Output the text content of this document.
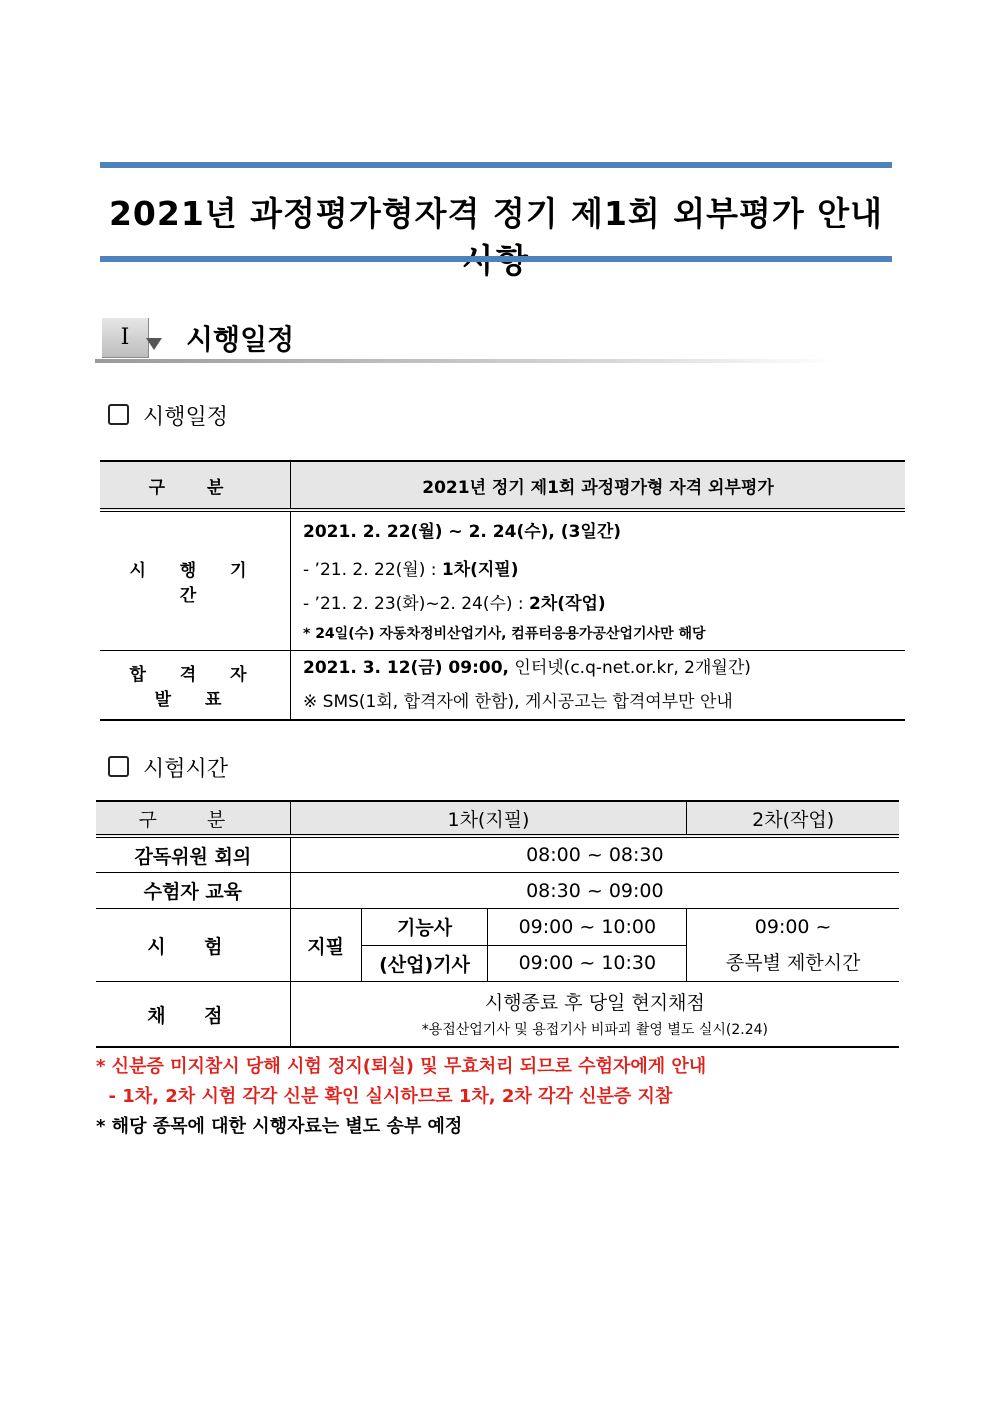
2021년 과정평가형자격 정기 제1회 외부평가 안내
I	시행일정
시행일정
구 분	2021년 정기 제1회 과정평가형 자격 외부평가
시 행 기 간	2021. 2. 22(월) ~ 2. 24(수), (3일간)
- ’21. 2. 22(월) : 1차(지필)
- ’21. 2. 23(화)~2. 24(수) : 2차(작업)
* 24일(수) 자동차정비산업기사, 컴퓨터응용가공산업기사만 해당

합 격 자 발 표	2021. 3. 12(금) 09:00, 인터넷(c.q-net.or.kr, 2개월간)
※ SMS(1회, 합격자에 한함), 게시공고는 합격여부만 안내
시험시간
구 분	1차(지필)			2차(작업)
감독위원 회의	08:00 ~ 08:30			
수험자 교육	08:30 ~ 09:00			
시 험	지필	기능사	09:00 ~ 10:00	09:00 ~
종목별 제한시간

		(산업)기사	09:00 ~ 10:30	
채 점	시행종료 후 당일 현지채점
*용접산업기사 및 용접기사 비파괴 촬영 별도 실시(2.24)			
* 신분증 미지참시 당해 시험 정지(퇴실) 및 무효처리 되므로 수험자에게 안내
- 1차, 2차 시험 각각 신분 확인 실시하므로 1차, 2차 각각 신분증 지참
* 해당 종목에 대한 시행자료는 별도 송부 예정
